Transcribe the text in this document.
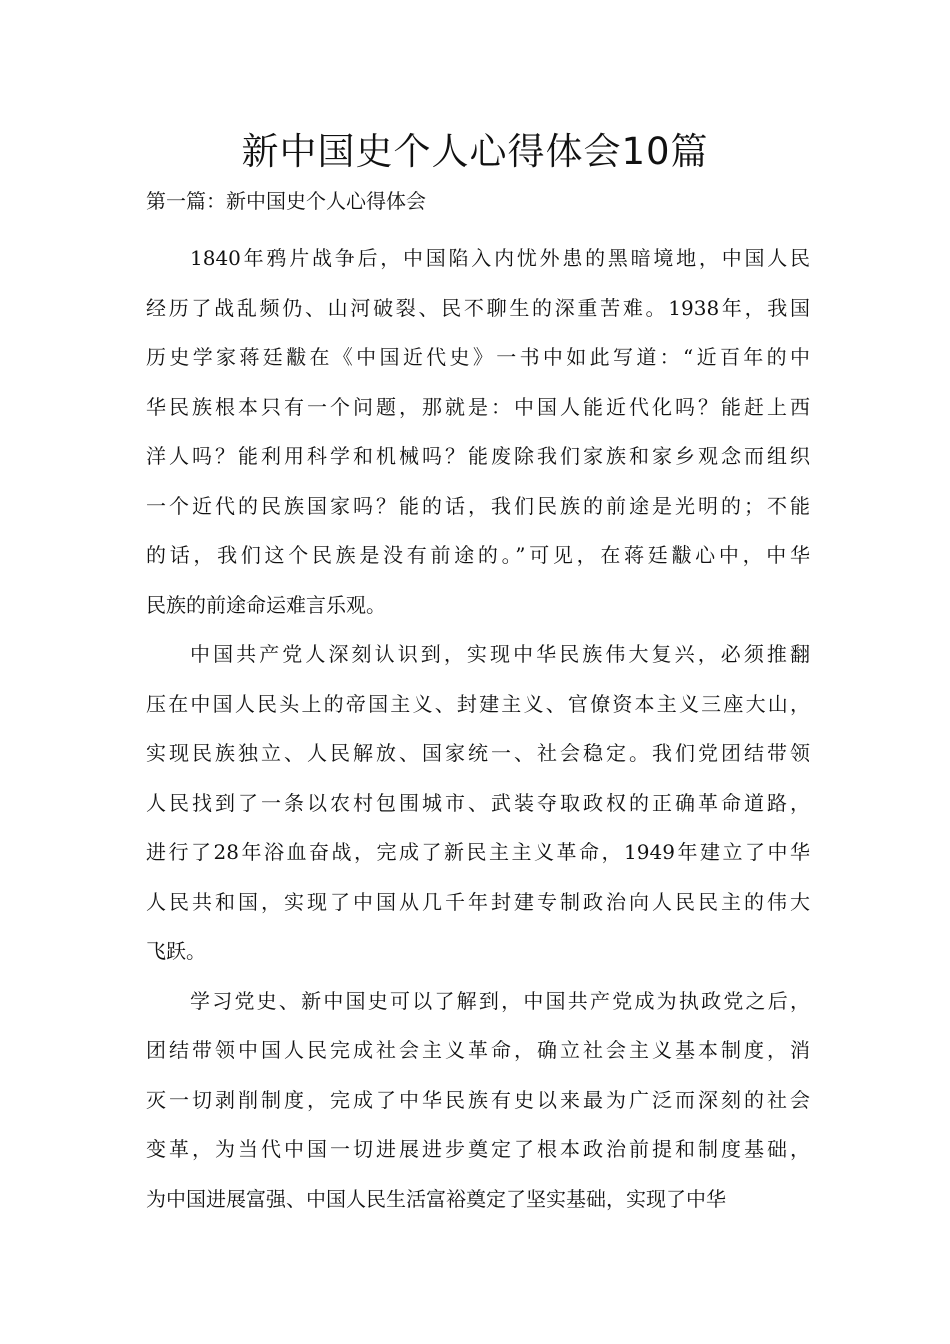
新中国史个人心得体会10篇

第一篇：新中国史个人心得体会

1840年鸦片战争后，中国陷入内忧外患的黑暗境地，中国人民
经历了战乱频仍、山河破裂、民不聊生的深重苦难。1938年，我国
历史学家蒋廷黻在《中国近代史》一书中如此写道：“近百年的中
华民族根本只有一个问题，那就是：中国人能近代化吗？能赶上西
洋人吗？能利用科学和机械吗？能废除我们家族和家乡观念而组织
一个近代的民族国家吗？能的话，我们民族的前途是光明的；不能
的话，我们这个民族是没有前途的。”可见，在蒋廷黻心中，中华
民族的前途命运难言乐观。
中国共产党人深刻认识到，实现中华民族伟大复兴，必须推翻
压在中国人民头上的帝国主义、封建主义、官僚资本主义三座大山，
实现民族独立、人民解放、国家统一、社会稳定。我们党团结带领
人民找到了一条以农村包围城市、武装夺取政权的正确革命道路，
进行了28年浴血奋战，完成了新民主主义革命，1949年建立了中华
人民共和国，实现了中国从几千年封建专制政治向人民民主的伟大
飞跃。
学习党史、新中国史可以了解到，中国共产党成为执政党之后，
团结带领中国人民完成社会主义革命，确立社会主义基本制度，消
灭一切剥削制度，完成了中华民族有史以来最为广泛而深刻的社会
变革，为当代中国一切进展进步奠定了根本政治前提和制度基础，
为中国进展富强、中国人民生活富裕奠定了坚实基础，实现了中华
